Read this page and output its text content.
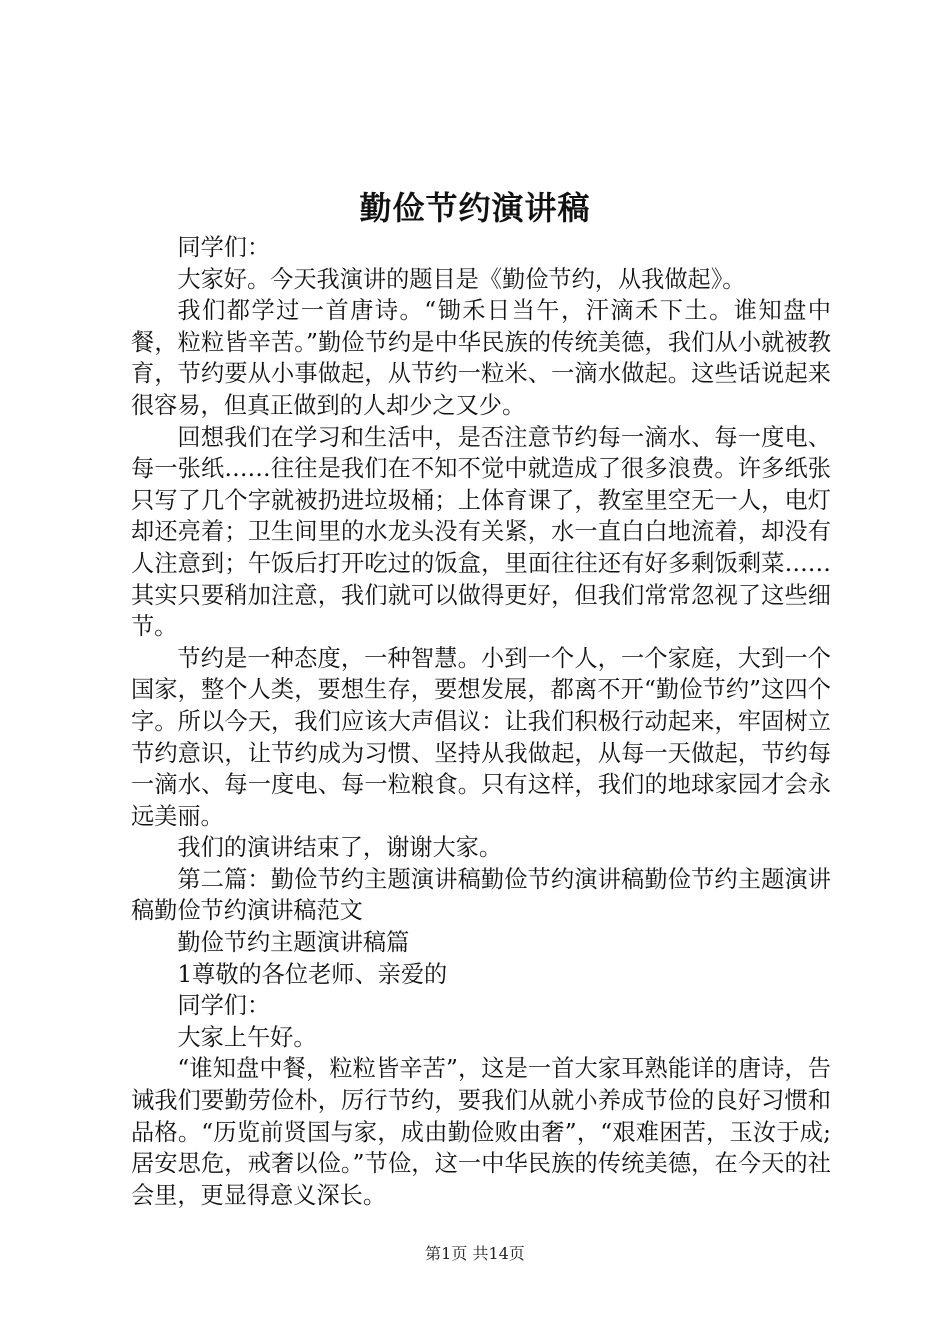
勤俭节约演讲稿

同学们：

大家好。今天我演讲的题目是《勤俭节约，从我做起》。

我们都学过一首唐诗。“锄禾日当午，汗滴禾下土。谁知盘中餐，粒粒皆辛苦。”勤俭节约是中华民族的传统美德，我们从小就被教育，节约要从小事做起，从节约一粒米、一滴水做起。这些话说起来很容易，但真正做到的人却少之又少。

回想我们在学习和生活中，是否注意节约每一滴水、每一度电、每一张纸……往往是我们在不知不觉中就造成了很多浪费。许多纸张只写了几个字就被扔进垃圾桶；上体育课了，教室里空无一人，电灯却还亮着；卫生间里的水龙头没有关紧，水一直白白地流着，却没有人注意到；午饭后打开吃过的饭盒，里面往往还有好多剩饭剩菜……其实只要稍加注意，我们就可以做得更好，但我们常常忽视了这些细节。

节约是一种态度，一种智慧。小到一个人，一个家庭，大到一个国家，整个人类，要想生存，要想发展，都离不开“勤俭节约”这四个字。所以今天，我们应该大声倡议：让我们积极行动起来，牢固树立节约意识，让节约成为习惯、坚持从我做起，从每一天做起，节约每一滴水、每一度电、每一粒粮食。只有这样，我们的地球家园才会永远美丽。

我们的演讲结束了，谢谢大家。

第二篇：勤俭节约主题演讲稿勤俭节约演讲稿勤俭节约主题演讲稿勤俭节约演讲稿范文

勤俭节约主题演讲稿篇

1尊敬的各位老师、亲爱的

同学们：

大家上午好。

“谁知盘中餐，粒粒皆辛苦”，这是一首大家耳熟能详的唐诗，告诫我们要勤劳俭朴，厉行节约，要我们从就小养成节俭的良好习惯和品格。“历览前贤国与家，成由勤俭败由奢”，“艰难困苦，玉汝于成;居安思危，戒奢以俭。”节俭，这一中华民族的传统美德，在今天的社会里，更显得意义深长。

第1页 共14页
